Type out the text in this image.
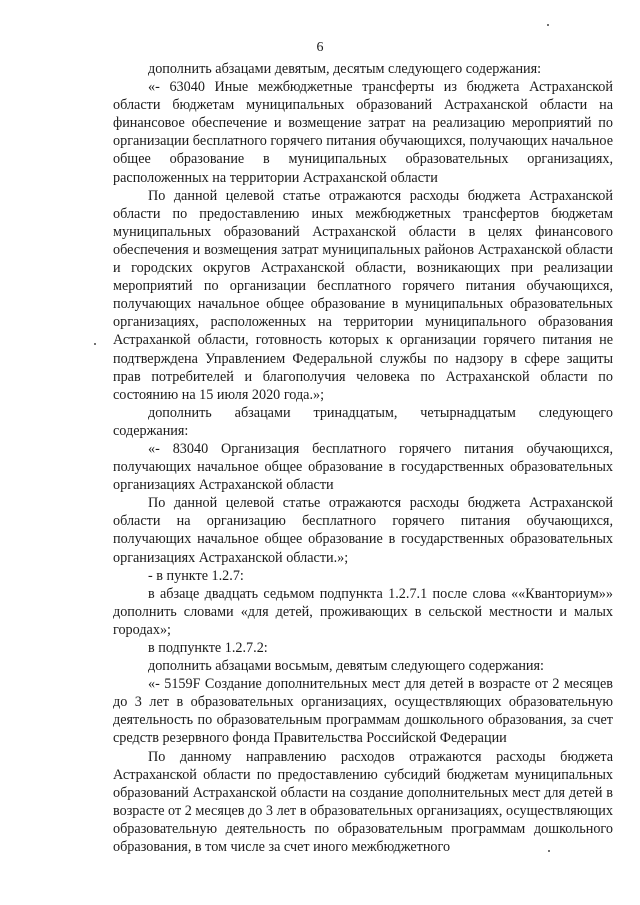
6

дополнить абзацами девятым, десятым следующего содержания:

«- 63040 Иные межбюджетные трансферты из бюджета Астраханской области бюджетам муниципальных образований Астраханской области на финансовое обеспечение и возмещение затрат на реализацию мероприятий по организации бесплатного горячего питания обучающихся, получающих начальное общее образование в муниципальных образовательных организациях, расположенных на территории Астраханской области

По данной целевой статье отражаются расходы бюджета Астраханской области по предоставлению иных межбюджетных трансфертов бюджетам муниципальных образований Астраханской области в целях финансового обеспечения и возмещения затрат муниципальных районов Астраханской области и городских округов Астраханской области, возникающих при реализации мероприятий по организации бесплатного горячего питания обучающихся, получающих начальное общее образование в муниципальных образовательных организациях, расположенных на территории муниципального образования Астраханкой области, готовность которых к организации горячего питания не подтверждена Управлением Федеральной службы по надзору в сфере защиты прав потребителей и благополучия человека по Астраханской области по состоянию на 15 июля 2020 года.»;

дополнить абзацами тринадцатым, четырнадцатым следующего содержания:

«- 83040 Организация бесплатного горячего питания обучающихся, получающих начальное общее образование в государственных образовательных организациях Астраханской области

По данной целевой статье отражаются расходы бюджета Астраханской области на организацию бесплатного горячего питания обучающихся, получающих начальное общее образование в государственных образовательных организациях Астраханской области.»;

- в пункте 1.2.7:

в абзаце двадцать седьмом подпункта 1.2.7.1 после слова ««Кванториум»» дополнить словами «для детей, проживающих в сельской местности и малых городах»;

в подпункте 1.2.7.2:

дополнить абзацами восьмым, девятым следующего содержания:

«- 5159F Создание дополнительных мест для детей в возрасте от 2 месяцев до 3 лет в образовательных организациях, осуществляющих образовательную деятельность по образовательным программам дошкольного образования, за счет средств резервного фонда Правительства Российской Федерации

По данному направлению расходов отражаются расходы бюджета Астраханской области по предоставлению субсидий бюджетам муниципальных образований Астраханской области на создание дополнительных мест для детей в возрасте от 2 месяцев до 3 лет в образовательных организациях, осуществляющих образовательную деятельность по образовательным программам дошкольного образования, в том числе за счет иного межбюджетного
